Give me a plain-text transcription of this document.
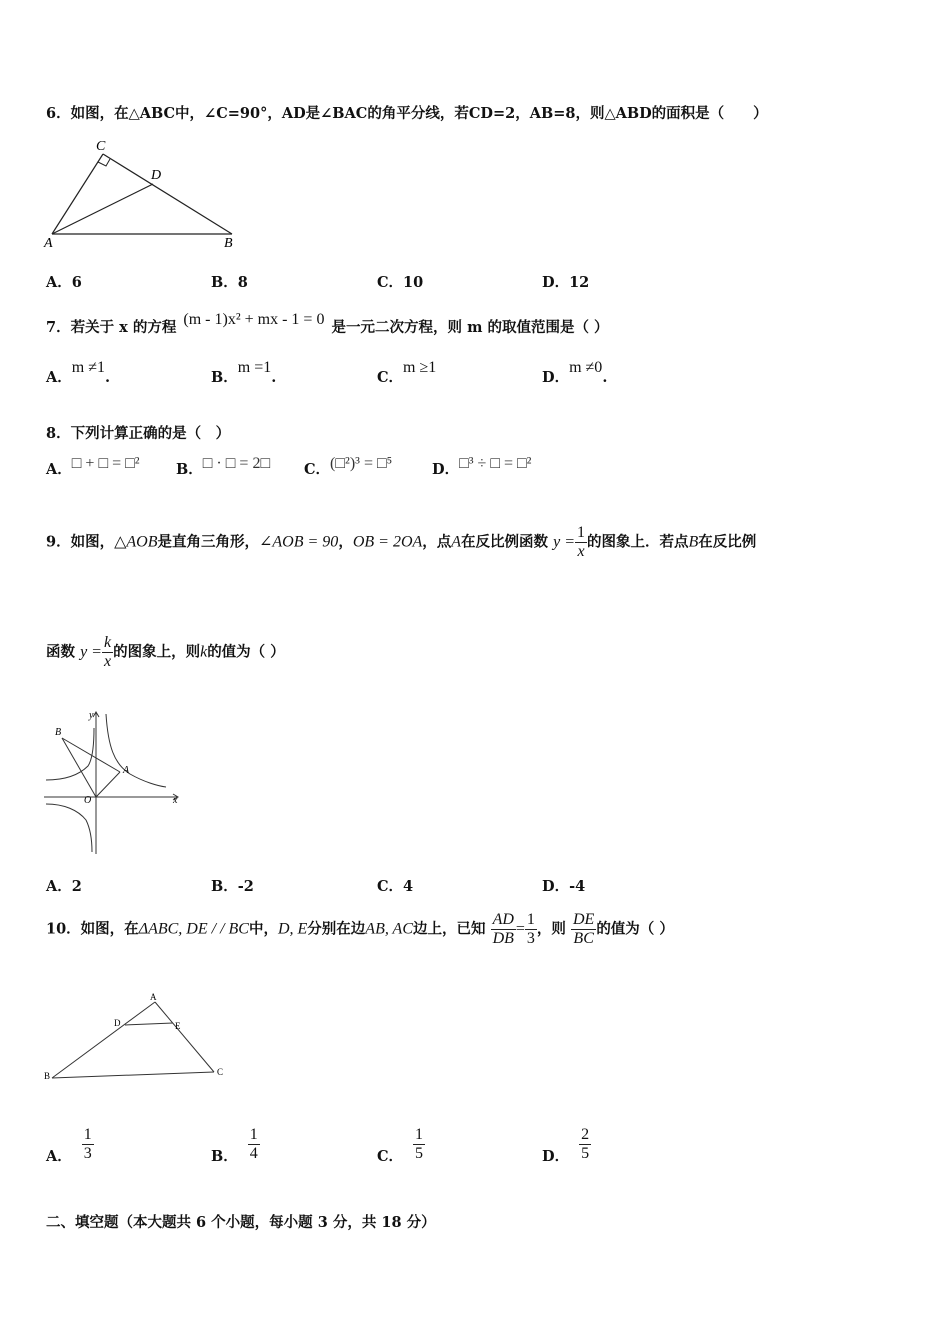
6．如图，在△ABC中，∠C=90°，AD是∠BAC的角平分线，若CD=2，AB=8，则△ABD的面积是（　　）
C
D
A	B
A．6	B．8	C．10	D．12
7．若关于 x 的方程 (m - 1)x² + mx - 1 = 0 是一元二次方程，则 m 的取值范围是（ ）
A．m ≠1.	B．m =1.	C．m ≥1
D．m ≠0.
8．下列计算正确的是（　）
A．□ + □ = □²	B．□ · □ = 2□ C．(□²)³ = □⁵	D．□³ ÷ □ = □²
9．如图，△AOB是直角三角形，∠AOB = 90，OB = 2OA，点A在反比例函数 $y = \frac{1}{x}$ 的图象上．若点B在反比例
函数 $y = \frac{k}{x}$ 的图象上，则k的值为（ ）
B
A
O	x
y
A．2	B．-2	C．4	D．-4
10．如图，在ΔABC, DE / / BC中，D, E分别在边AB, AC边上，已知 $\frac{AD}{DB} = \frac{1}{3}$ ，则 $\frac{DE}{BC}$ 的值为（ ）
A
D	E
B	C
A． $\frac{1}{3}$	B． $\frac{1}{4}$	C． $\frac{1}{5}$	D． $\frac{2}{5}$
二、填空题（本大题共 6 个小题，每小题 3 分，共 18 分）
